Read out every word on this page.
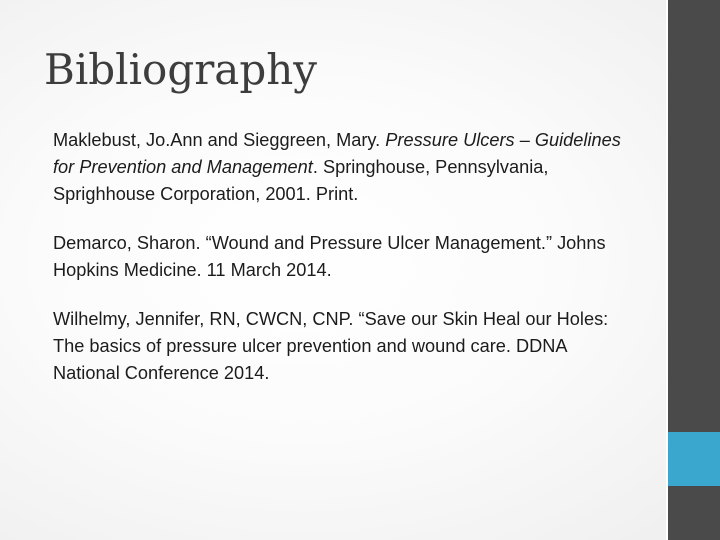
Bibliography
Maklebust, Jo.Ann and Sieggreen, Mary. Pressure Ulcers – Guidelines for Prevention and Management. Springhouse, Pennsylvania, Sprighhouse Corporation, 2001. Print.
Demarco, Sharon. “Wound and Pressure Ulcer Management.” Johns Hopkins Medicine. 11 March 2014.
Wilhelmy, Jennifer, RN, CWCN, CNP. “Save our Skin Heal our Holes: The basics of pressure ulcer prevention and wound care. DDNA National Conference 2014.
